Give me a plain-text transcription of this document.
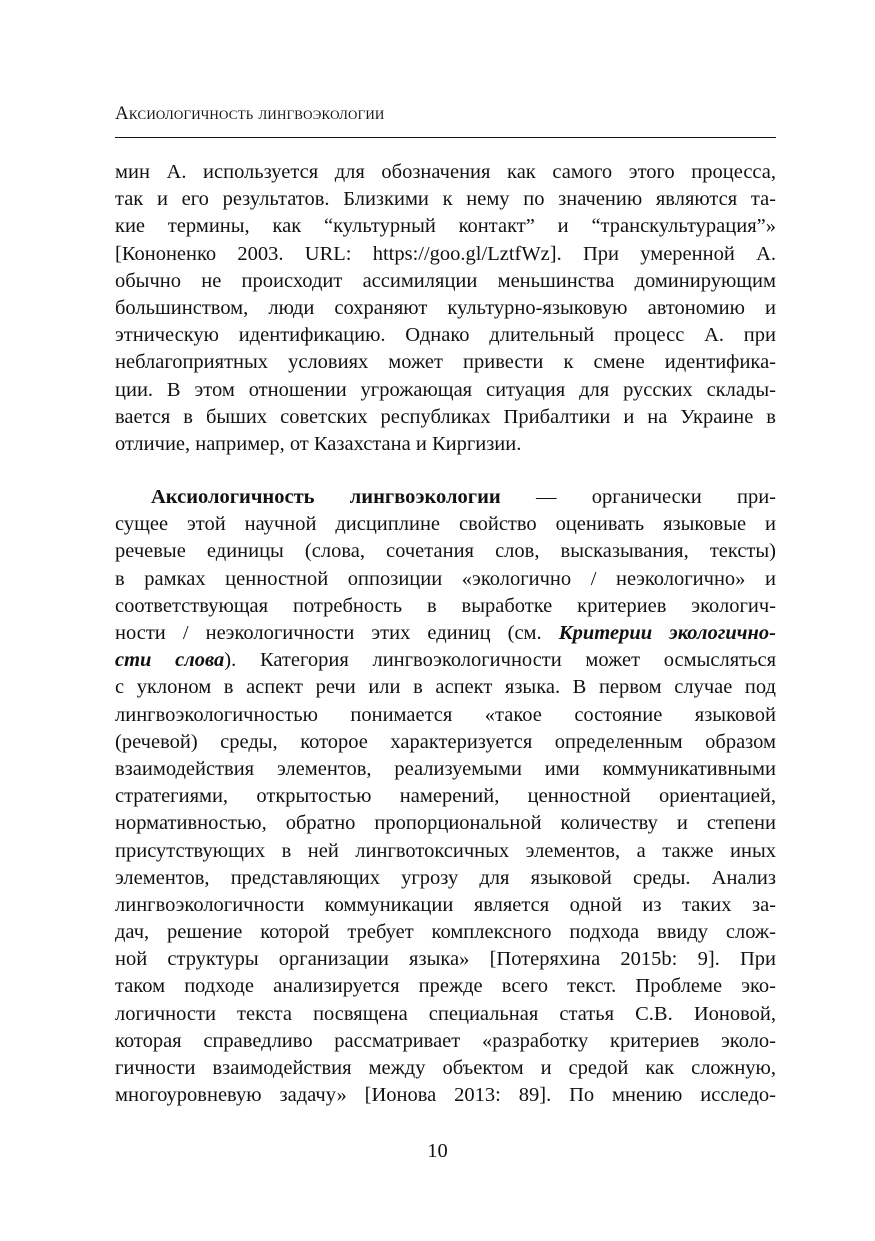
Аксиологичность лингвоэкологии
мин А. используется для обозначения как самого этого процесса,
так и его результатов. Близкими к нему по значению являются та-
кие термины, как “культурный контакт” и “транскультурация”»
[Кононенко 2003. URL: https://goo.gl/LztfWz]. При умеренной А.
обычно не происходит ассимиляции меньшинства доминирующим
большинством, люди сохраняют культурно-языковую автономию и
этническую идентификацию. Однако длительный процесс А. при
неблагоприятных условиях может привести к смене идентифика-
ции. В этом отношении угрожающая ситуация для русских склады-
вается в быших советских республиках Прибалтики и на Украине в
отличие, например, от Казахстана и Киргизии.
Аксиологичность лингвоэкологии — органически при-
сущее этой научной дисциплине свойство оценивать языковые и
речевые единицы (слова, сочетания слов, высказывания, тексты)
в рамках ценностной оппозиции «экологично / неэкологично» и
соответствующая потребность в выработке критериев экологич-
ности / неэкологичности этих единиц (см. Критерии экологично-
сти слова). Категория лингвоэкологичности может осмысляться
с уклоном в аспект речи или в аспект языка. В первом случае под
лингвоэкологичностью понимается «такое состояние языковой
(речевой) среды, которое характеризуется определенным образом
взаимодействия элементов, реализуемыми ими коммуникативными
стратегиями, открытостью намерений, ценностной ориентацией,
нормативностью, обратно пропорциональной количеству и степени
присутствующих в ней лингвотоксичных элементов, а также иных
элементов, представляющих угрозу для языковой среды. Анализ
лингвоэкологичности коммуникации является одной из таких за-
дач, решение которой требует комплексного подхода ввиду слож-
ной структуры организации языка» [Потеряхина 2015b: 9]. При
таком подходе анализируется прежде всего текст. Проблеме эко-
логичности текста посвящена специальная статья С.В. Ионовой,
которая справедливо рассматривает «разработку критериев эколо-
гичности взаимодействия между объектом и средой как сложную,
многоуровневую задачу» [Ионова 2013: 89]. По мнению исследо-
10
